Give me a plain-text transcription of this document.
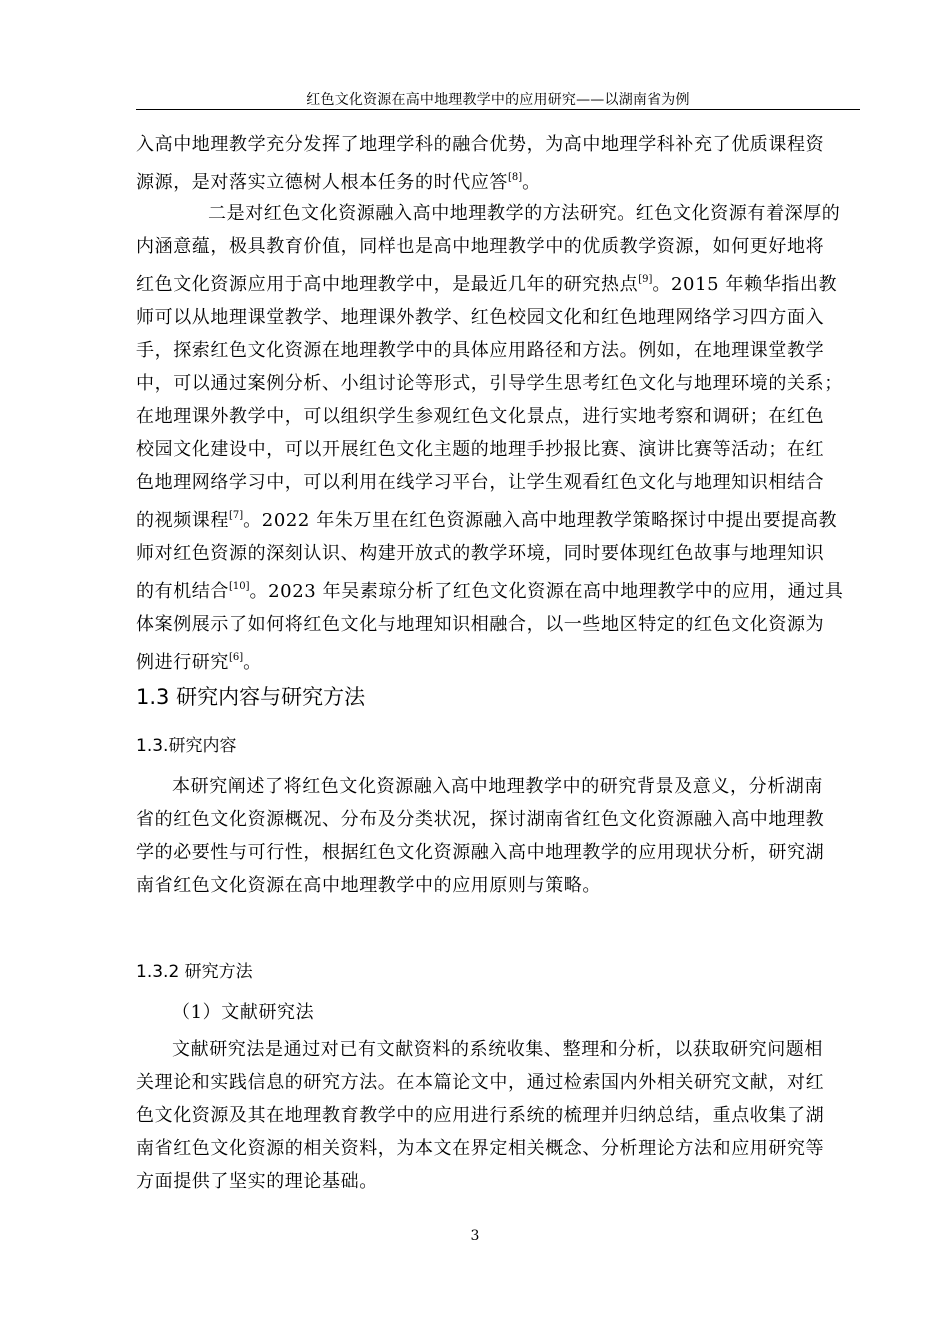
红色文化资源在高中地理教学中的应用研究——以湖南省为例
入高中地理教学充分发挥了地理学科的融合优势，为高中地理学科补充了优质课程资
源源，是对落实立德树人根本任务的时代应答[8]。
二是对红色文化资源融入高中地理教学的方法研究。红色文化资源有着深厚的
内涵意蕴，极具教育价值，同样也是高中地理教学中的优质教学资源，如何更好地将
红色文化资源应用于高中地理教学中，是最近几年的研究热点[9]。2015 年赖华指出教
师可以从地理课堂教学、地理课外教学、红色校园文化和红色地理网络学习四方面入
手，探索红色文化资源在地理教学中的具体应用路径和方法。例如，在地理课堂教学
中，可以通过案例分析、小组讨论等形式，引导学生思考红色文化与地理环境的关系；
在地理课外教学中，可以组织学生参观红色文化景点，进行实地考察和调研；在红色
校园文化建设中，可以开展红色文化主题的地理手抄报比赛、演讲比赛等活动；在红
色地理网络学习中，可以利用在线学习平台，让学生观看红色文化与地理知识相结合
的视频课程[7]。2022 年朱万里在红色资源融入高中地理教学策略探讨中提出要提高教
师对红色资源的深刻认识、构建开放式的教学环境，同时要体现红色故事与地理知识
的有机结合[10]。2023 年吴素琼分析了红色文化资源在高中地理教学中的应用，通过具
体案例展示了如何将红色文化与地理知识相融合，以一些地区特定的红色文化资源为
例进行研究[6]。
1.3 研究内容与研究方法
1.3.研究内容
本研究阐述了将红色文化资源融入高中地理教学中的研究背景及意义，分析湖南
省的红色文化资源概况、分布及分类状况，探讨湖南省红色文化资源融入高中地理教
学的必要性与可行性，根据红色文化资源融入高中地理教学的应用现状分析，研究湖
南省红色文化资源在高中地理教学中的应用原则与策略。
1.3.2 研究方法
（1）文献研究法
文献研究法是通过对已有文献资料的系统收集、整理和分析，以获取研究问题相
关理论和实践信息的研究方法。在本篇论文中，通过检索国内外相关研究文献，对红
色文化资源及其在地理教育教学中的应用进行系统的梳理并归纳总结，重点收集了湖
南省红色文化资源的相关资料，为本文在界定相关概念、分析理论方法和应用研究等
方面提供了坚实的理论基础。
3
